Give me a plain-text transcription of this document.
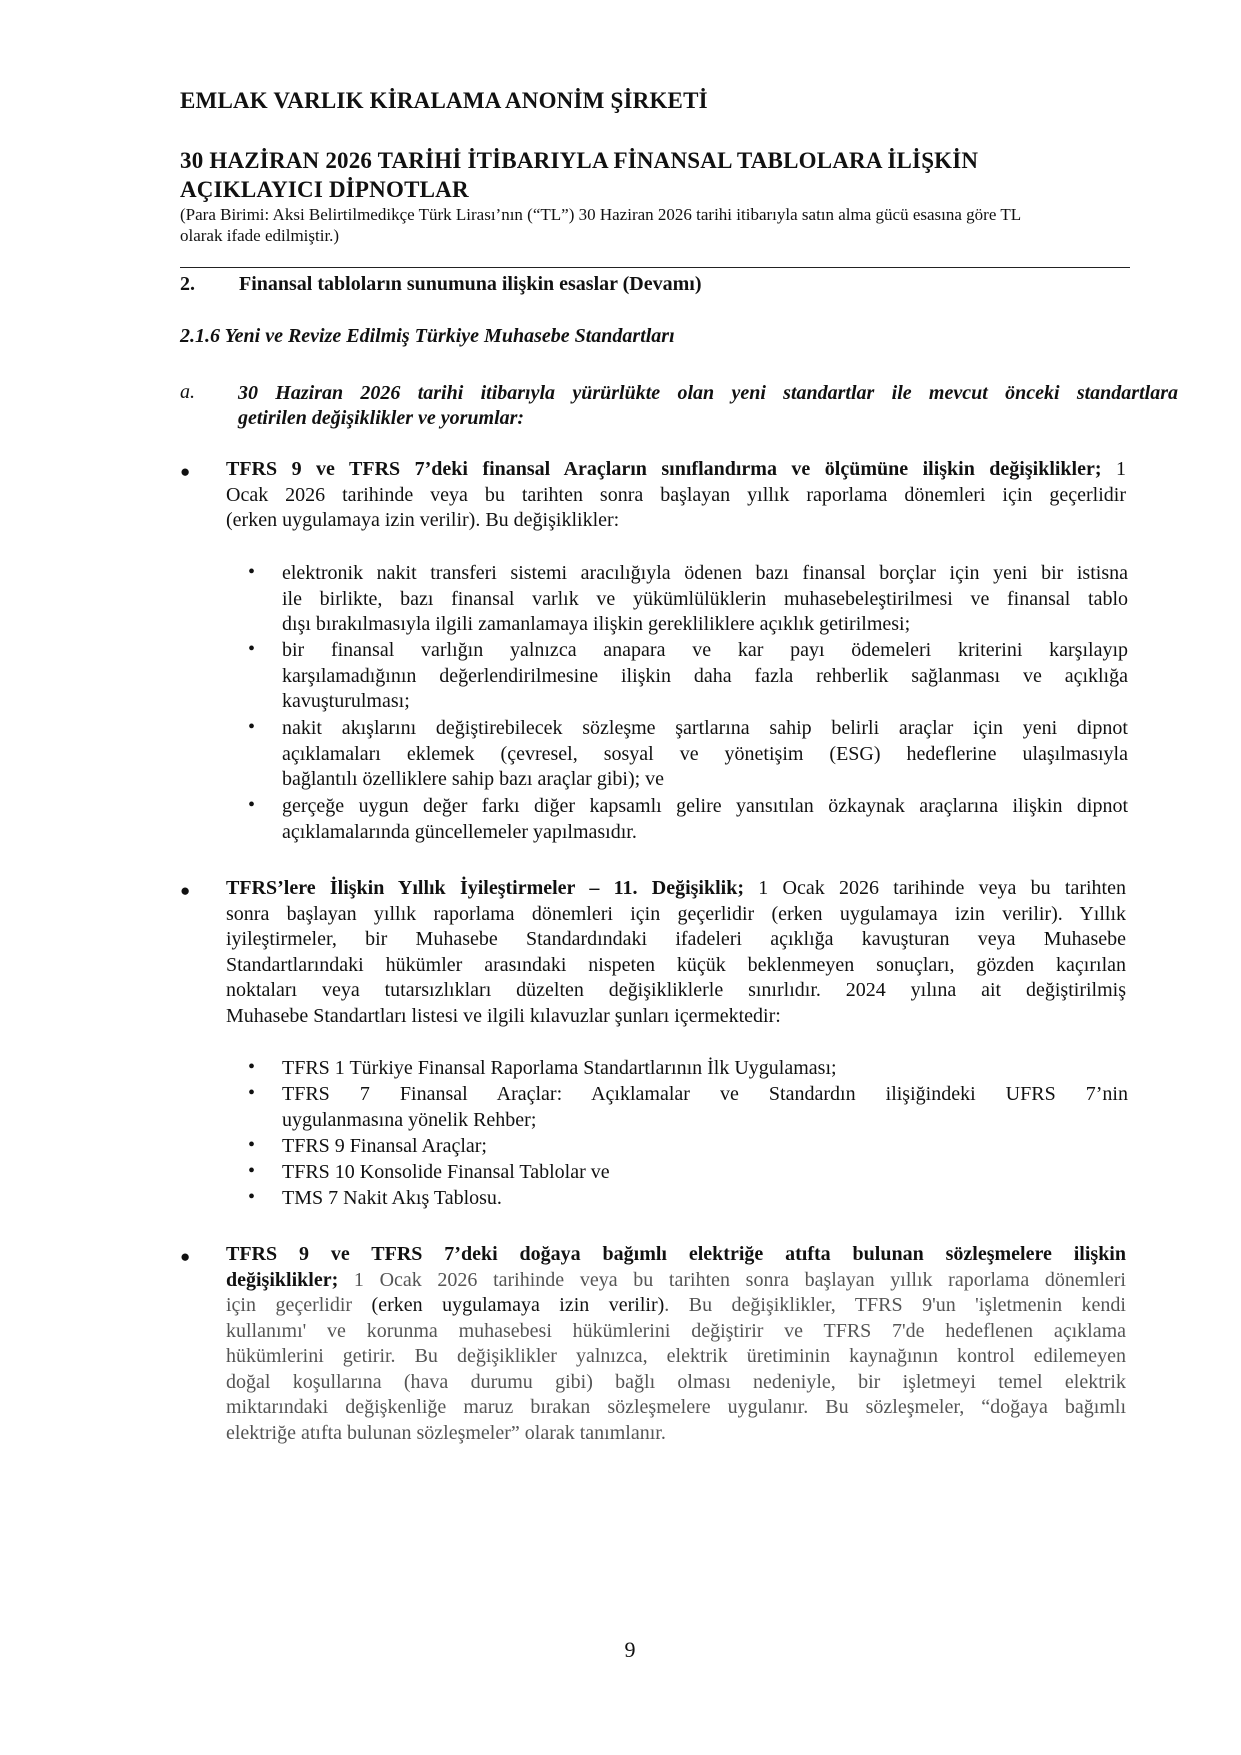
EMLAK VARLIK KİRALAMA ANONİM ŞİRKETİ
30 HAZİRAN 2026 TARİHİ İTİBARIYLA FİNANSAL TABLOLARA İLİŞKİN
AÇIKLAYICI DİPNOTLAR
(Para Birimi: Aksi Belirtilmedikçe Türk Lirası’nın (“TL”) 30 Haziran 2026 tarihi itibarıyla satın alma gücü esasına göre TL
olarak ifade edilmiştir.)
2. Finansal tabloların sunumuna ilişkin esaslar (Devamı)
2.1.6 Yeni ve Revize Edilmiş Türkiye Muhasebe Standartları
a. 30 Haziran 2026 tarihi itibarıyla yürürlükte olan yeni standartlar ile mevcut önceki standartlara
getirilen değişiklikler ve yorumlar:
● TFRS 9 ve TFRS 7’deki finansal Araçların sınıflandırma ve ölçümüne ilişkin değişiklikler; 1
Ocak 2026 tarihinde veya bu tarihten sonra başlayan yıllık raporlama dönemleri için geçerlidir
(erken uygulamaya izin verilir). Bu değişiklikler:
• elektronik nakit transferi sistemi aracılığıyla ödenen bazı finansal borçlar için yeni bir istisna
ile birlikte, bazı finansal varlık ve yükümlülüklerin muhasebeleştirilmesi ve finansal tablo
dışı bırakılmasıyla ilgili zamanlamaya ilişkin gerekliliklere açıklık getirilmesi;
• bir finansal varlığın yalnızca anapara ve kar payı ödemeleri kriterini karşılayıp
karşılamadığının değerlendirilmesine ilişkin daha fazla rehberlik sağlanması ve açıklığa
kavuşturulması;
• nakit akışlarını değiştirebilecek sözleşme şartlarına sahip belirli araçlar için yeni dipnot
açıklamaları eklemek (çevresel, sosyal ve yönetişim (ESG) hedeflerine ulaşılmasıyla
bağlantılı özelliklere sahip bazı araçlar gibi); ve
• gerçeğe uygun değer farkı diğer kapsamlı gelire yansıtılan özkaynak araçlarına ilişkin dipnot
açıklamalarında güncellemeler yapılmasıdır.
● TFRS’lere İlişkin Yıllık İyileştirmeler – 11. Değişiklik; 1 Ocak 2026 tarihinde veya bu tarihten
sonra başlayan yıllık raporlama dönemleri için geçerlidir (erken uygulamaya izin verilir). Yıllık
iyileştirmeler, bir Muhasebe Standardındaki ifadeleri açıklığa kavuşturan veya Muhasebe
Standartlarındaki hükümler arasındaki nispeten küçük beklenmeyen sonuçları, gözden kaçırılan
noktaları veya tutarsızlıkları düzelten değişikliklerle sınırlıdır. 2024 yılına ait değiştirilmiş
Muhasebe Standartları listesi ve ilgili kılavuzlar şunları içermektedir:
• TFRS 1 Türkiye Finansal Raporlama Standartlarının İlk Uygulaması;
• TFRS 7 Finansal Araçlar: Açıklamalar ve Standardın ilişiğindeki UFRS 7’nin
uygulanmasına yönelik Rehber;
• TFRS 9 Finansal Araçlar;
• TFRS 10 Konsolide Finansal Tablolar ve
• TMS 7 Nakit Akış Tablosu.
● TFRS 9 ve TFRS 7’deki doğaya bağımlı elektriğe atıfta bulunan sözleşmelere ilişkin
değişiklikler; 1 Ocak 2026 tarihinde veya bu tarihten sonra başlayan yıllık raporlama dönemleri
için geçerlidir (erken uygulamaya izin verilir). Bu değişiklikler, TFRS 9'un 'işletmenin kendi
kullanımı' ve korunma muhasebesi hükümlerini değiştirir ve TFRS 7'de hedeflenen açıklama
hükümlerini getirir. Bu değişiklikler yalnızca, elektrik üretiminin kaynağının kontrol edilemeyen
doğal koşullarına (hava durumu gibi) bağlı olması nedeniyle, bir işletmeyi temel elektrik
miktarındaki değişkenliğe maruz bırakan sözleşmelere uygulanır. Bu sözleşmeler, “doğaya bağımlı
elektriğe atıfta bulunan sözleşmeler” olarak tanımlanır.
9
